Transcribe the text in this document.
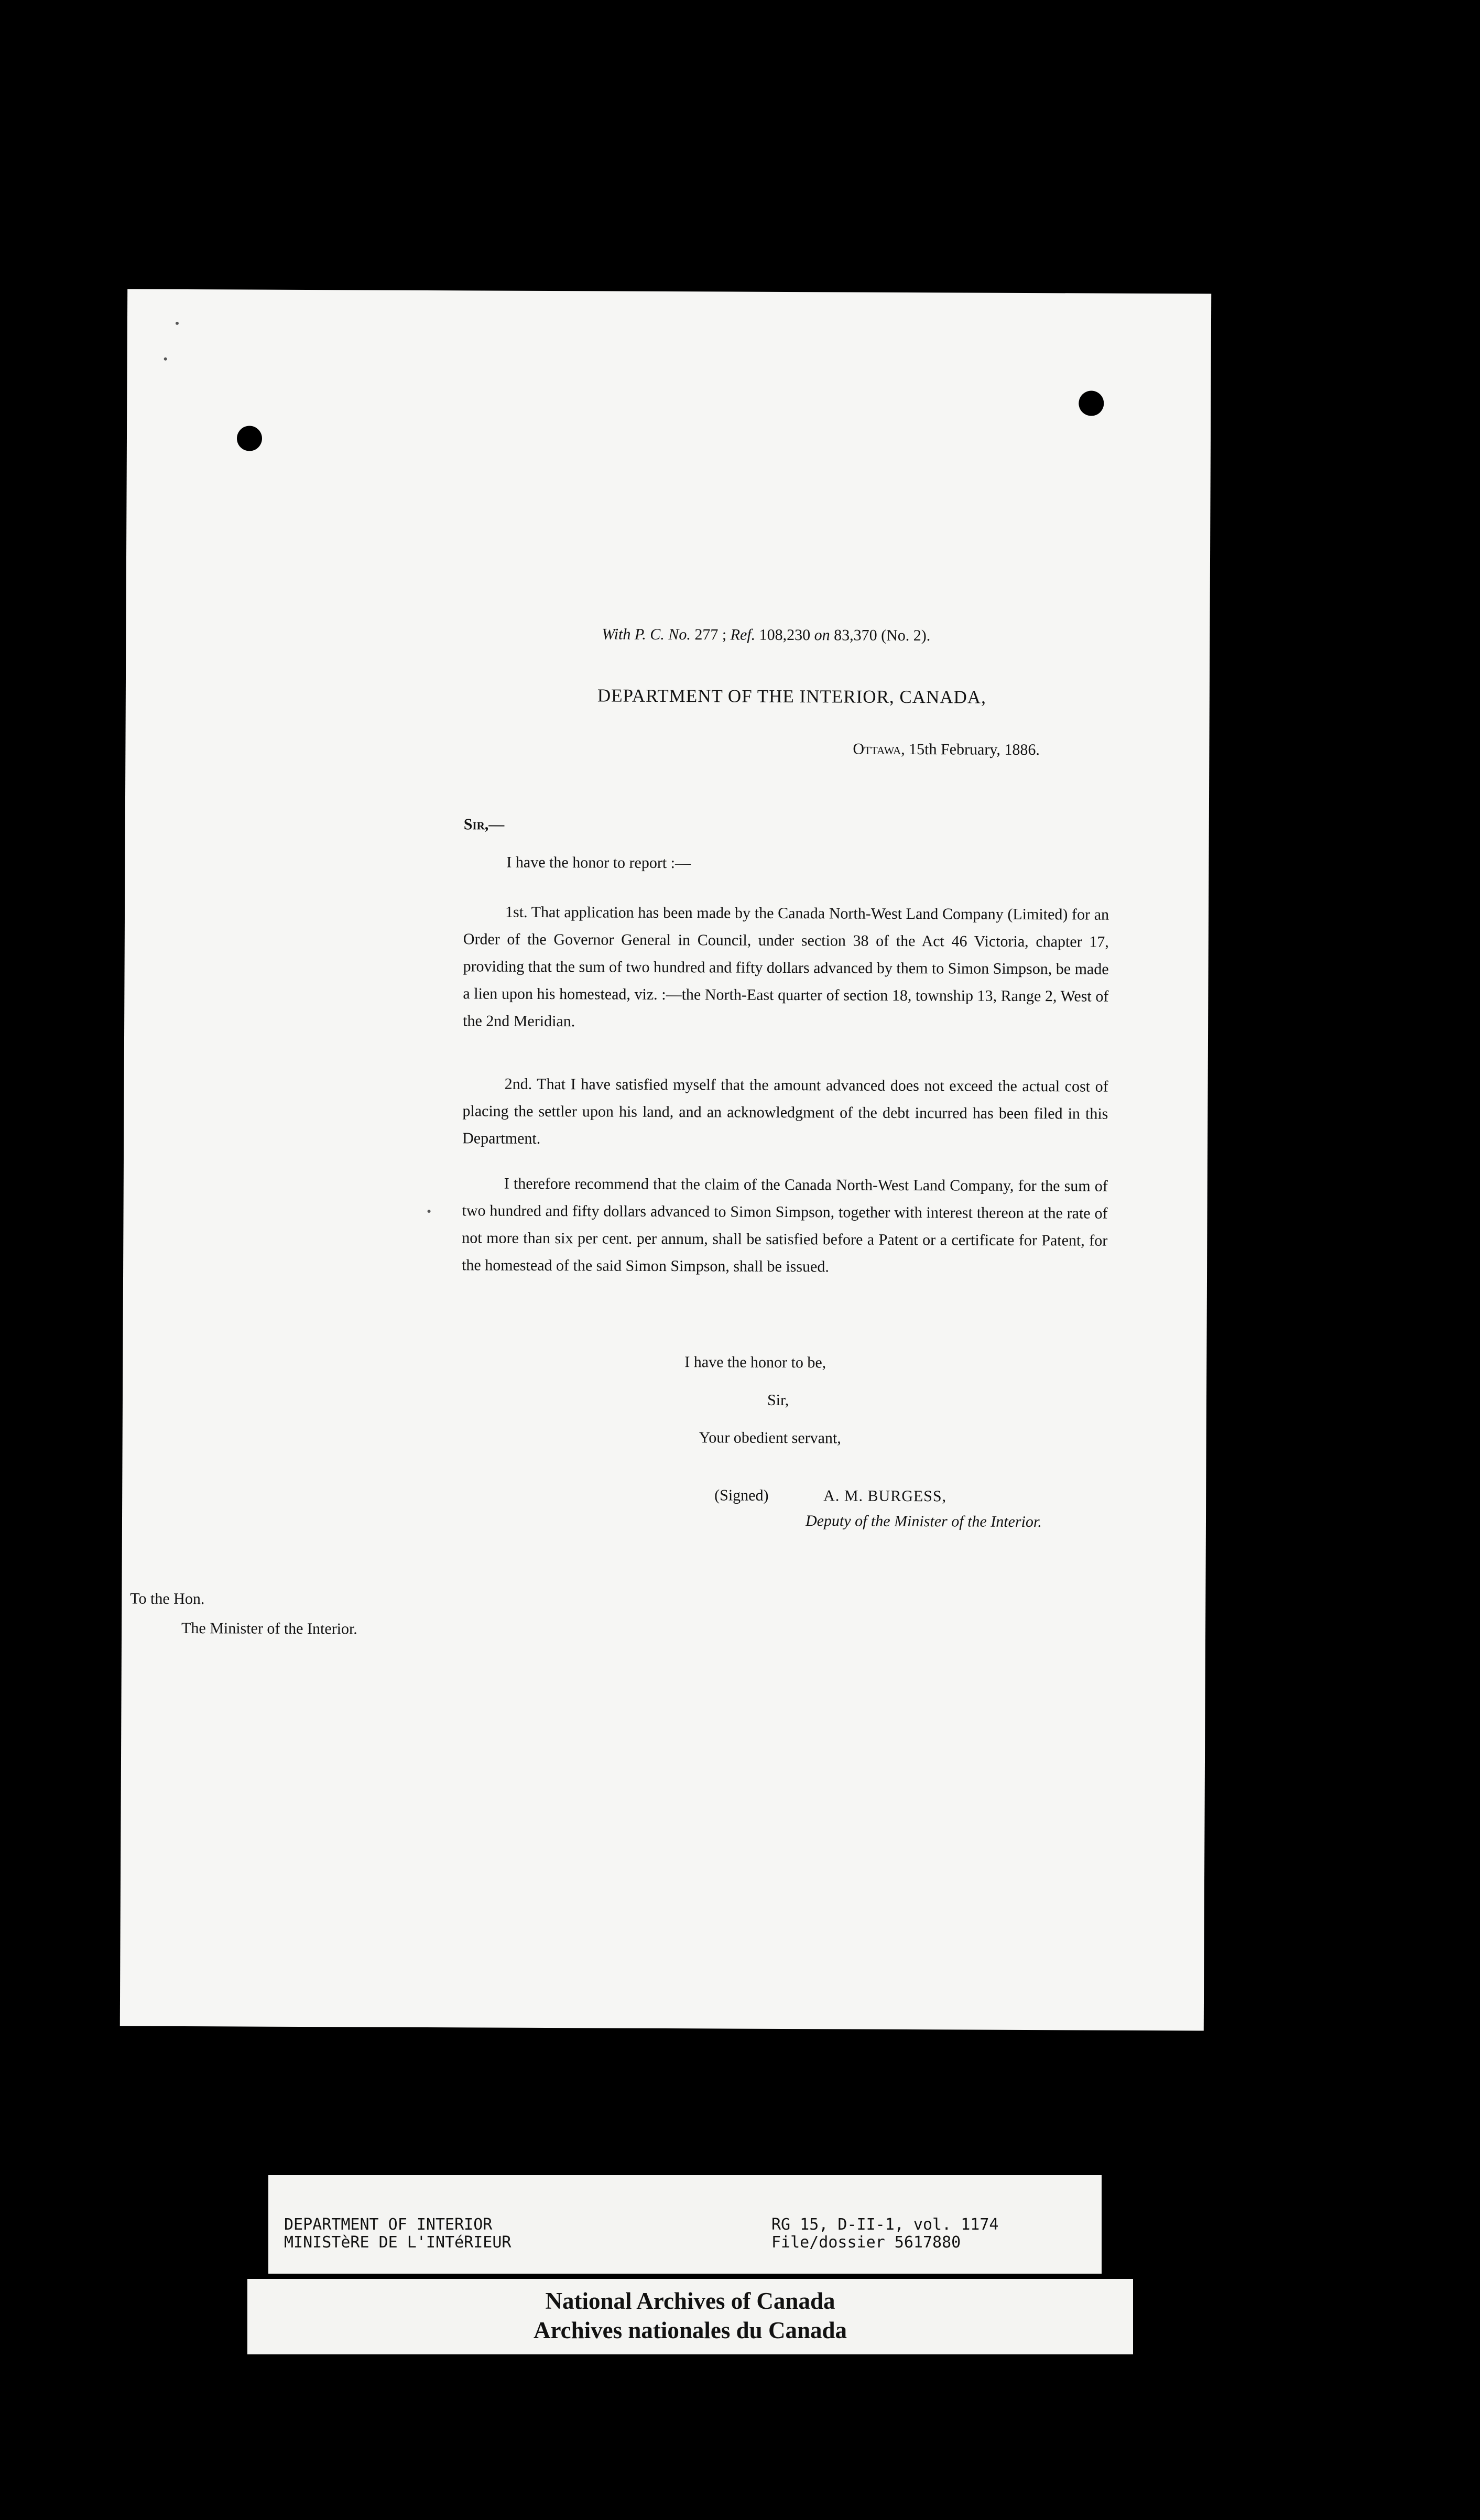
With P. C. No. 277 ; Ref. 108,230 on 83,370 (No. 2).
DEPARTMENT OF THE INTERIOR, CANADA,
Ottawa, 15th February, 1886.
Sir,—
I have the honor to report :—

1st. That application has been made by the Canada North-West Land Company (Limited) for an Order of the Governor General in Council, under section 38 of the Act 46 Victoria, chapter 17, providing that the sum of two hundred and fifty dollars advanced by them to Simon Simpson, be made a lien upon his homestead, viz. :—the North-East quarter of section 18, township 13, Range 2, West of the 2nd Meridian.

2nd. That I have satisfied myself that the amount advanced does not exceed the actual cost of placing the settler upon his land, and an acknowledgment of the debt incurred has been filed in this Department.

I therefore recommend that the claim of the Canada North-West Land Company, for the sum of two hundred and fifty dollars advanced to Simon Simpson, together with interest thereon at the rate of not more than six per cent. per annum, shall be satisfied before a Patent or a certificate for Patent, for the homestead of the said Simon Simpson, shall be issued.

I have the honor to be,
Sir,
Your obedient servant,
(Signed)	A. M. BURGESS,
Deputy of the Minister of the Interior.
To the Hon.
The Minister of the Interior.
DEPARTMENT OF INTERIOR
MINISTèRE DE L'INTéRIEUR
RG 15, D-II-1, vol. 1174
File/dossier 5617880
National Archives of Canada
Archives nationales du Canada
